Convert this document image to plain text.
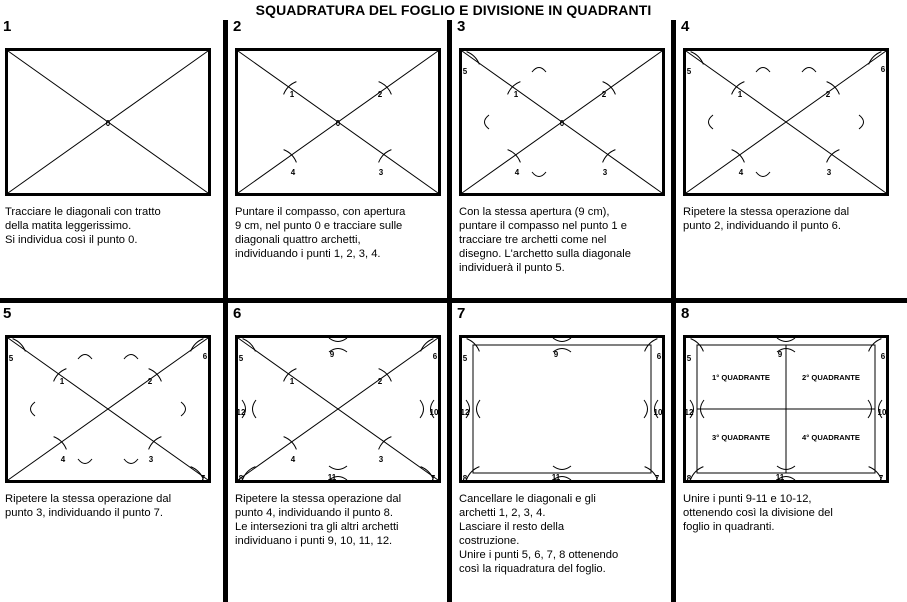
SQUADRATURA DEL FOGLIO E DIVISIONE IN QUADRANTI
1
0
Tracciare le diagonali con tratto
della matita leggerissimo.
Si individua così il punto 0.
2
0
1	2
3
4
Puntare il compasso, con apertura
9 cm, nel punto 0 e tracciare sulle
diagonali quattro archetti,
individuando i punti 1, 2, 3, 4.
3
0
1	2
3
4
5
Con la stessa apertura (9 cm),
puntare il compasso nel punto 1 e
tracciare tre archetti come nel
disegno. L'archetto sulla diagonale
individuerà il punto 5.
4
1	2
3
4
5	6
Ripetere la stessa operazione dal
punto 2, individuando il punto 6.
5
1	2
3
4
5	6
7
Ripetere la stessa operazione dal
punto 3, individuando il punto 7.
6
1	2
3
4
5	6
7
8
9
10
11
12
Ripetere la stessa operazione dal
punto 4, individuando il punto 8.
Le intersezioni tra gli altri archetti
individuano i punti 9, 10, 11, 12.
7
5	6
7
8
9
10
11
12
Cancellare le diagonali e gli
archetti 1, 2, 3, 4.
Lasciare il resto della
costruzione.
Unire i punti 5, 6, 7, 8 ottenendo
così la riquadratura del foglio.
8
5	6
7
8
9
10
11
12
1° QUADRANTE	2° QUADRANTE
3° QUADRANTE	4° QUADRANTE
Unire i punti 9-11 e 10-12,
ottenendo così la divisione del
foglio in quadranti.
